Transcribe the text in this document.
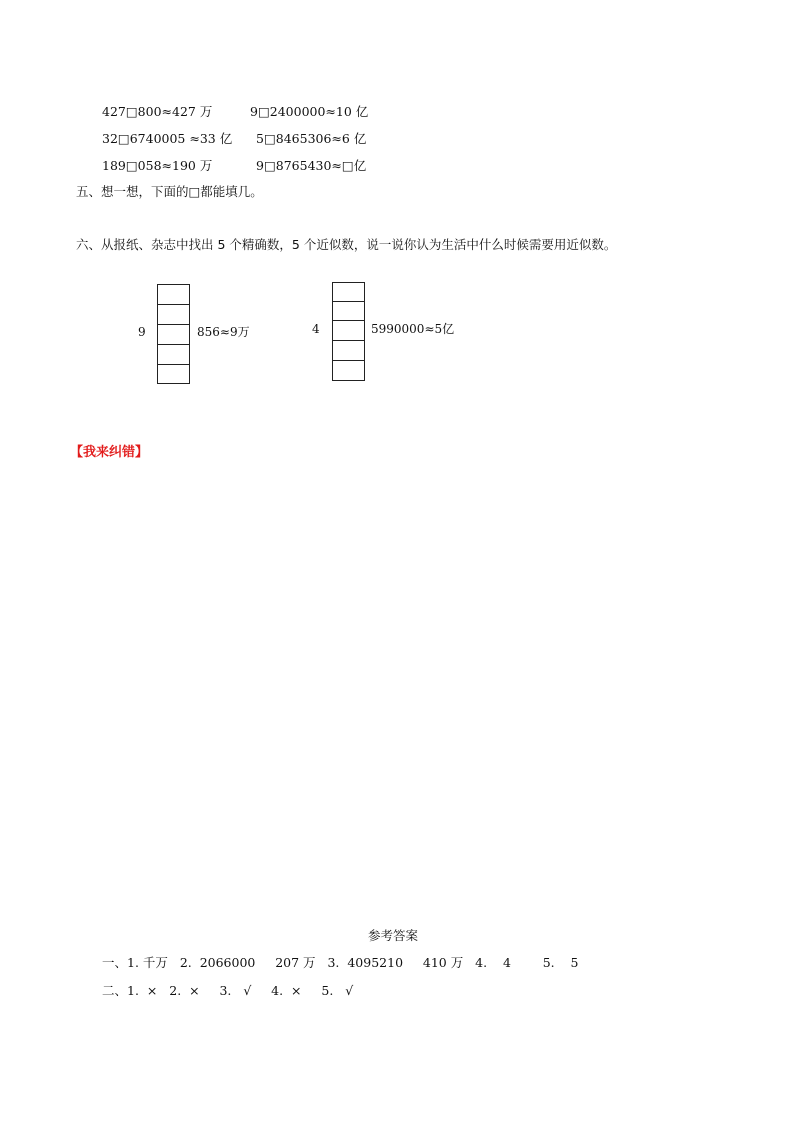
427□800≈427 万	9□2400000≈10 亿
32□6740005 ≈33 亿 5□8465306≈6 亿
189□058≈190 万	9□8765430≈□亿
五、想一想，下面的□都能填几。
六、从报纸、杂志中找出 5 个精确数，5 个近似数，说一说你认为生活中什么时候需要用近似数。
9	856≈9万	4	5990000≈5亿
【我来纠错】
参考答案
一、1. 千万   2.  2066000     207 万   3.  4095210     410 万   4.    4        5.    5
二、1.  ×   2.  ×     3.   √     4.  ×     5.   √
